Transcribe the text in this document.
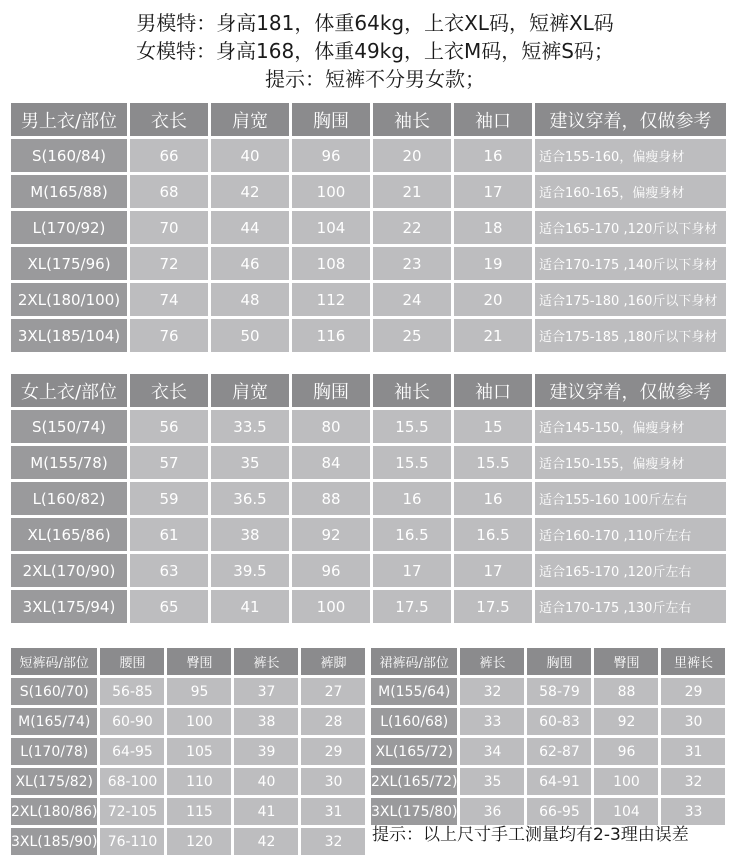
男模特：身高181，体重64kg，上衣XL码，短裤XL码
女模特：身高168，体重49kg，上衣M码，短裤S码；
提示：短裤不分男女款；
男上衣/部位	衣长	肩宽	胸围	袖长	袖口	建议穿着，仅做参考
S(160/84)	66	40	96	20	16	适合155-160，偏瘦身材
M(165/88)	68	42	100	21	17	适合160-165，偏瘦身材
L(170/92)	70	44	104	22	18	适合165-170 ,120斤以下身材
XL(175/96)	72	46	108	23	19	适合170-175 ,140斤以下身材
2XL(180/100)	74	48	112	24	20	适合175-180 ,160斤以下身材
3XL(185/104)	76	50	116	25	21	适合175-185 ,180斤以下身材
女上衣/部位	衣长	肩宽	胸围	袖长	袖口	建议穿着，仅做参考
S(150/74)	56	33.5	80	15.5	15	适合145-150，偏瘦身材
M(155/78)	57	35	84	15.5	15.5	适合150-155，偏瘦身材
L(160/82)	59	36.5	88	16	16	适合155-160 100斤左右
XL(165/86)	61	38	92	16.5	16.5	适合160-170 ,110斤左右
2XL(170/90)	63	39.5	96	17	17	适合165-170 ,120斤左右
3XL(175/94)	65	41	100	17.5	17.5	适合170-175 ,130斤左右
短裤码/部位	腰围	臀围	裤长	裤脚
S(160/70)	56-85	95	37	27
M(165/74)	60-90	100	38	28
L(170/78)	64-95	105	39	29
XL(175/82)	68-100	110	40	30
2XL(180/86)	72-105	115	41	31
3XL(185/90)	76-110	120	42	32
裙裤码/部位	裤长	胸围	臀围	里裤长
M(155/64)	32	58-79	88	29
L(160/68)	33	60-83	92	30
XL(165/72)	34	62-87	96	31
2XL(165/72)	35	64-91	100	32
3XL(175/80)	36	66-95	104	33
提示：以上尺寸手工测量均有2-3理由误差
